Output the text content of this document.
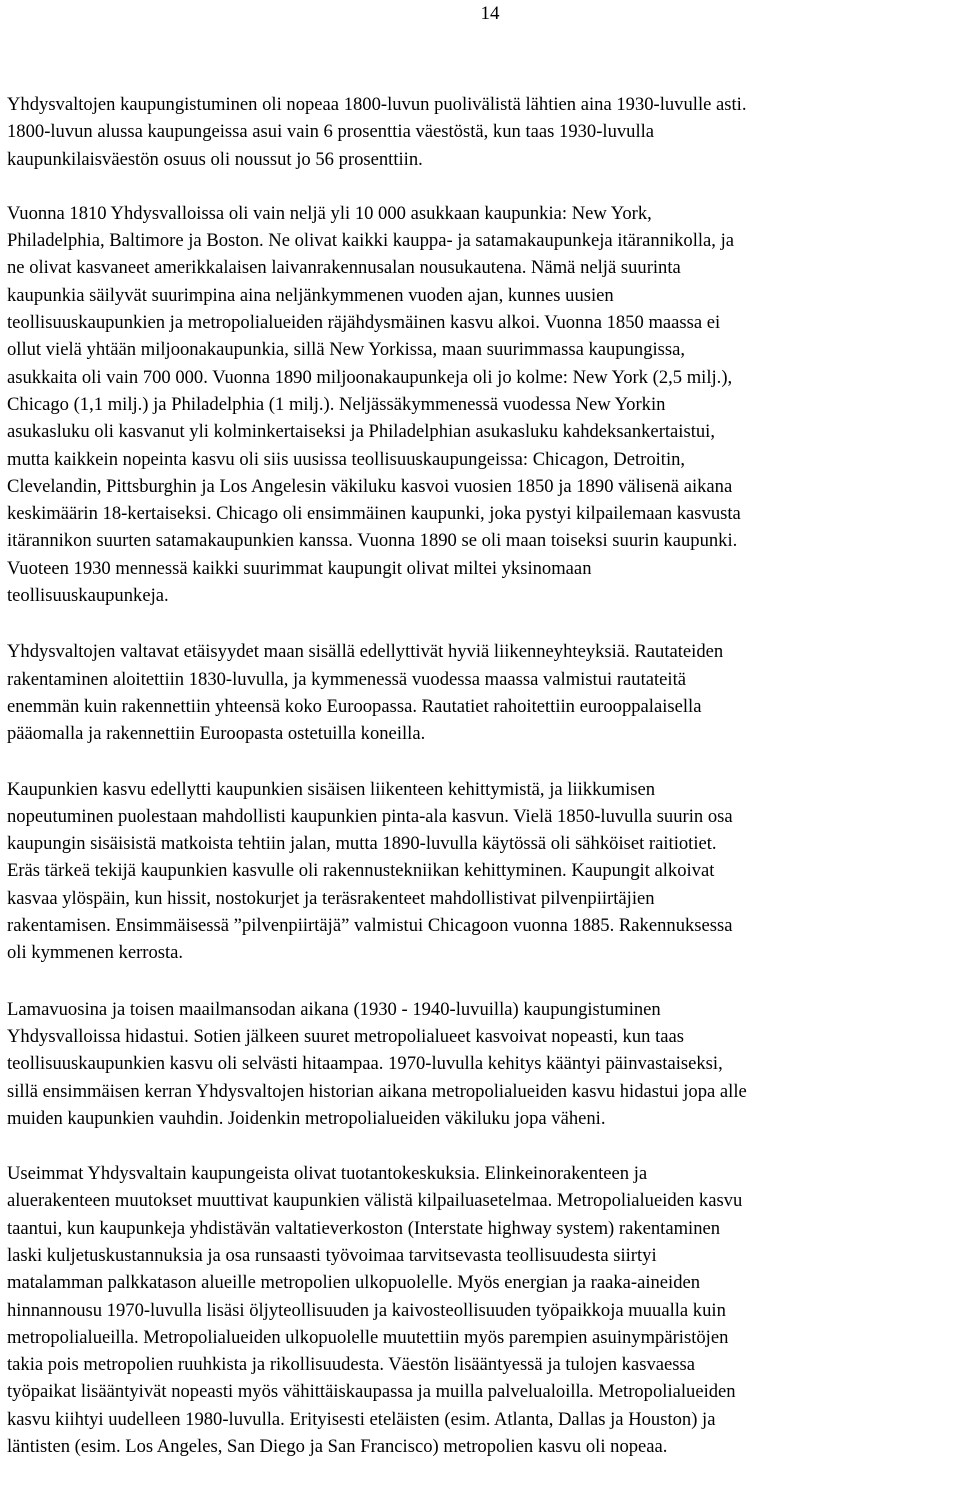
14
Yhdysvaltojen kaupungistuminen oli nopeaa 1800-luvun puolivälistä lähtien aina 1930-luvulle asti.
1800-luvun alussa kaupungeissa asui vain 6 prosenttia väestöstä, kun taas 1930-luvulla
kaupunkilaisväestön osuus oli noussut jo 56 prosenttiin.
Vuonna 1810 Yhdysvalloissa oli vain neljä yli 10 000 asukkaan kaupunkia: New York,
Philadelphia, Baltimore ja Boston. Ne olivat kaikki kauppa- ja satamakaupunkeja itärannikolla, ja
ne olivat kasvaneet amerikkalaisen laivanrakennusalan nousukautena. Nämä neljä suurinta
kaupunkia säilyvät suurimpina aina neljänkymmenen vuoden ajan, kunnes uusien
teollisuuskaupunkien ja metropolialueiden räjähdysmäinen kasvu alkoi. Vuonna 1850 maassa ei
ollut vielä yhtään miljoonakaupunkia, sillä New Yorkissa, maan suurimmassa kaupungissa,
asukkaita oli vain 700 000. Vuonna 1890 miljoonakaupunkeja oli jo kolme: New York (2,5 milj.),
Chicago (1,1 milj.) ja Philadelphia (1 milj.). Neljässäkymmenessä vuodessa New Yorkin
asukasluku oli kasvanut yli kolminkertaiseksi ja Philadelphian asukasluku kahdeksankertaistui,
mutta kaikkein nopeinta kasvu oli siis uusissa teollisuuskaupungeissa: Chicagon, Detroitin,
Clevelandin, Pittsburghin ja Los Angelesin väkiluku kasvoi vuosien 1850 ja 1890 välisenä aikana
keskimäärin 18-kertaiseksi. Chicago oli ensimmäinen kaupunki, joka pystyi kilpailemaan kasvusta
itärannikon suurten satamakaupunkien kanssa. Vuonna 1890 se oli maan toiseksi suurin kaupunki.
Vuoteen 1930 mennessä kaikki suurimmat kaupungit olivat miltei yksinomaan
teollisuuskaupunkeja.
Yhdysvaltojen valtavat etäisyydet maan sisällä edellyttivät hyviä liikenneyhteyksiä. Rautateiden
rakentaminen aloitettiin 1830-luvulla, ja kymmenessä vuodessa maassa valmistui rautateitä
enemmän kuin rakennettiin yhteensä koko Euroopassa. Rautatiet rahoitettiin eurooppalaisella
pääomalla ja rakennettiin Euroopasta ostetuilla koneilla.
Kaupunkien kasvu edellytti kaupunkien sisäisen liikenteen kehittymistä, ja liikkumisen
nopeutuminen puolestaan mahdollisti kaupunkien pinta-ala kasvun. Vielä 1850-luvulla suurin osa
kaupungin sisäisistä matkoista tehtiin jalan, mutta 1890-luvulla käytössä oli sähköiset raitiotiet.
Eräs tärkeä tekijä kaupunkien kasvulle oli rakennustekniikan kehittyminen. Kaupungit alkoivat
kasvaa ylöspäin, kun hissit, nostokurjet ja teräsrakenteet mahdollistivat pilvenpiirtäjien
rakentamisen. Ensimmäisessä ”pilvenpiirtäjä” valmistui Chicagoon vuonna 1885. Rakennuksessa
oli kymmenen kerrosta.
Lamavuosina ja toisen maailmansodan aikana (1930 - 1940-luvuilla) kaupungistuminen
Yhdysvalloissa hidastui. Sotien jälkeen suuret metropolialueet kasvoivat nopeasti, kun taas
teollisuuskaupunkien kasvu oli selvästi hitaampaa. 1970-luvulla kehitys kääntyi päinvastaiseksi,
sillä ensimmäisen kerran Yhdysvaltojen historian aikana metropolialueiden kasvu hidastui jopa alle
muiden kaupunkien vauhdin. Joidenkin metropolialueiden väkiluku jopa väheni.
Useimmat Yhdysvaltain kaupungeista olivat tuotantokeskuksia. Elinkeinorakenteen ja
aluerakenteen muutokset muuttivat kaupunkien välistä kilpailuasetelmaa. Metropolialueiden kasvu
taantui, kun kaupunkeja yhdistävän valtatieverkoston (Interstate highway system) rakentaminen
laski kuljetuskustannuksia ja osa runsaasti työvoimaa tarvitsevasta teollisuudesta siirtyi
matalamman palkkatason alueille metropolien ulkopuolelle. Myös energian ja raaka-aineiden
hinnannousu 1970-luvulla lisäsi öljyteollisuuden ja kaivosteollisuuden työpaikkoja muualla kuin
metropolialueilla. Metropolialueiden ulkopuolelle muutettiin myös parempien asuinympäristöjen
takia pois metropolien ruuhkista ja rikollisuudesta. Väestön lisääntyessä ja tulojen kasvaessa
työpaikat lisääntyivät nopeasti myös vähittäiskaupassa ja muilla palvelualoilla. Metropolialueiden
kasvu kiihtyi uudelleen 1980-luvulla. Erityisesti eteläisten (esim. Atlanta, Dallas ja Houston) ja
läntisten (esim. Los Angeles, San Diego ja San Francisco) metropolien kasvu oli nopeaa.
